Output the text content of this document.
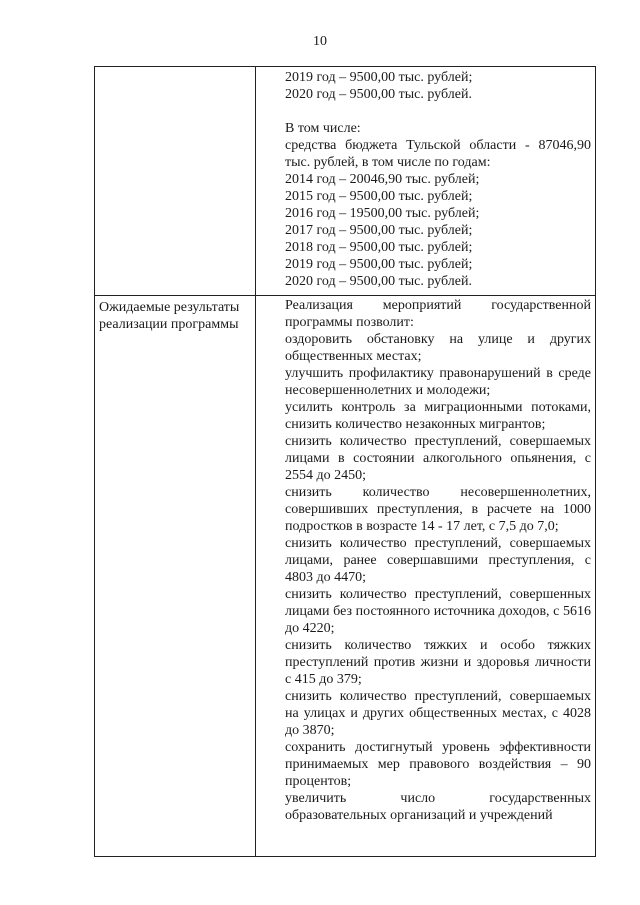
10

2019 год – 9500,00 тыс. рублей;

2020 год – 9500,00 тыс. рублей.

В том числе:

средства бюджета Тульской области - 87046,90 тыс. рублей, в том числе по годам:

2014 год – 20046,90 тыс. рублей;

2015 год – 9500,00 тыс. рублей;

2016 год – 19500,00 тыс. рублей;

2017 год – 9500,00 тыс. рублей;

2018 год – 9500,00 тыс. рублей;

2019 год – 9500,00 тыс. рублей;

2020 год – 9500,00 тыс. рублей.

Ожидаемые результаты реализации программы

Реализация мероприятий государственной программы позволит:

оздоровить обстановку на улице и других общественных местах;

улучшить профилактику правонарушений в среде несовершеннолетних и молодежи;

усилить контроль за миграционными потоками, снизить количество незаконных мигрантов;

снизить количество преступлений, совершаемых лицами в состоянии алкогольного опьянения, с 2554 до 2450;

снизить количество несовершеннолетних, совершивших преступления, в расчете на 1000 подростков в возрасте 14 - 17 лет, с 7,5 до 7,0;

снизить количество преступлений, совершаемых лицами, ранее совершавшими преступления, с 4803 до 4470;

снизить количество преступлений, совершенных лицами без постоянного источника доходов, с 5616 до 4220;

снизить количество тяжких и особо тяжких преступлений против жизни и здоровья личности с 415 до 379;

снизить количество преступлений, совершаемых на улицах и других общественных местах, с 4028 до 3870;

сохранить достигнутый уровень эффективности принимаемых мер правового воздействия – 90 процентов;

увеличить число государственных образовательных организаций и учреждений
